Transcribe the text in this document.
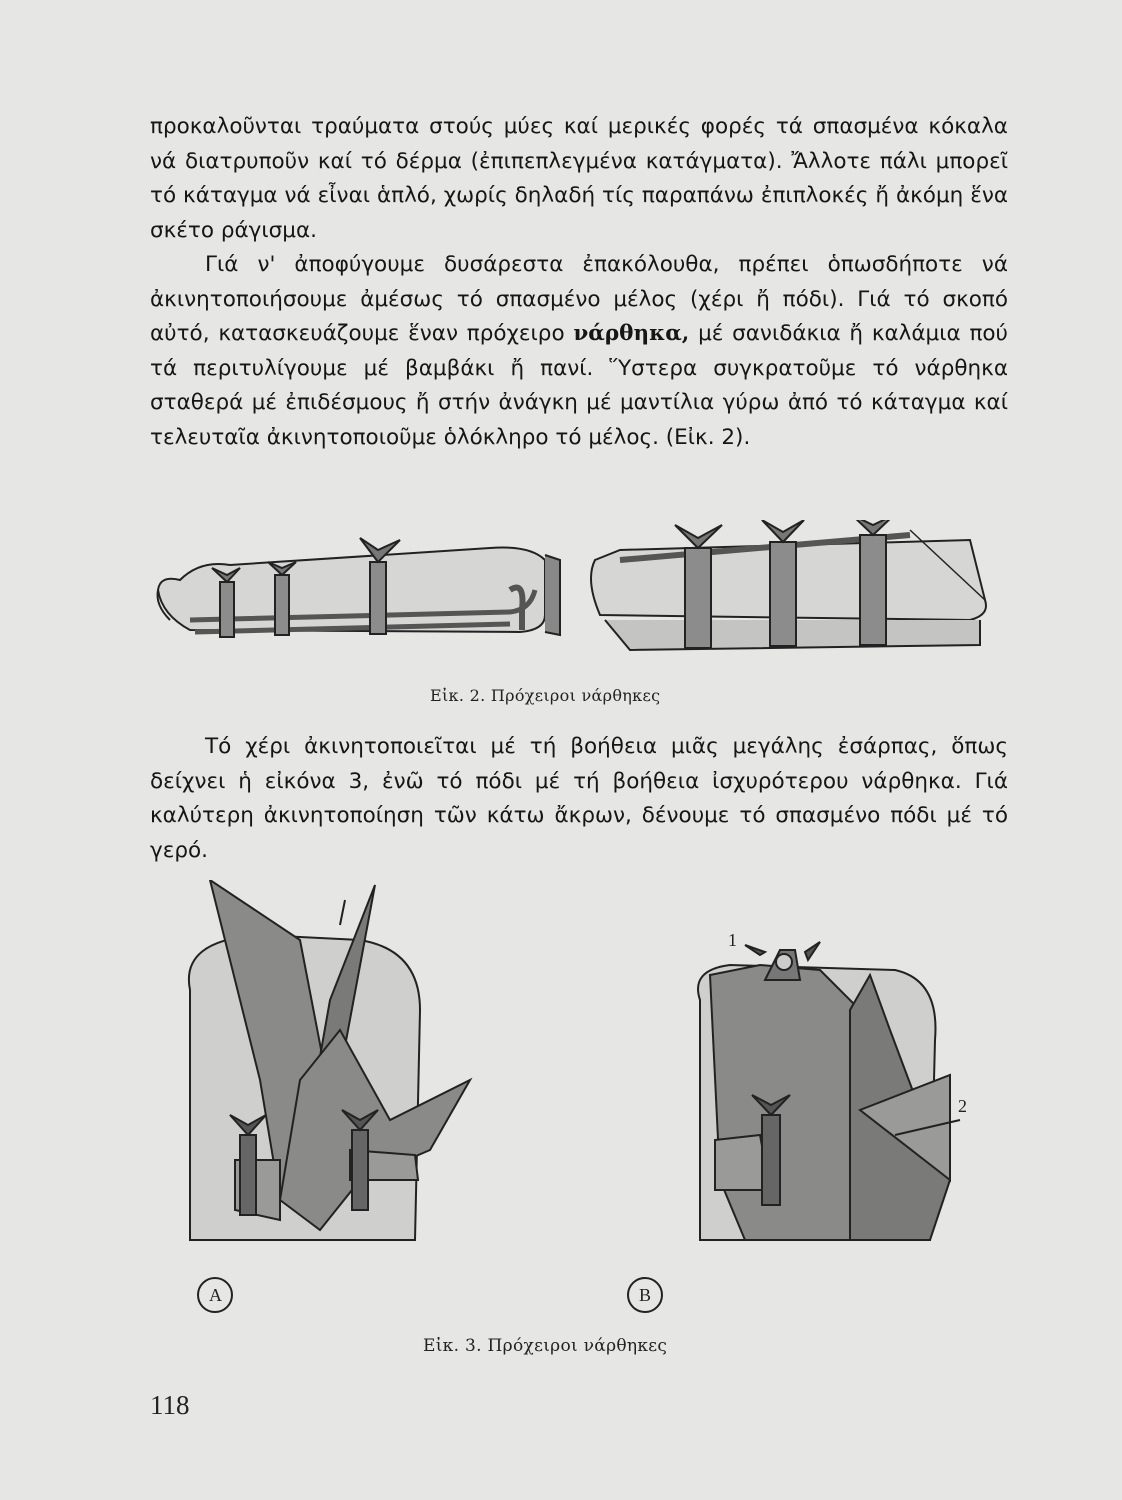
προκαλοῦνται τραύματα στούς μύες καί μερικές φορές τά σπασμένα κόκαλα νά διατρυποῦν καί τό δέρμα (ἐπιπεπλεγμένα κατάγματα). Ἄλλοτε πάλι μπορεῖ τό κάταγμα νά εἶναι ἁπλό, χωρίς δηλαδή τίς παραπάνω ἐπιπλοκές ἤ ἀκόμη ἕνα σκέτο ράγισμα.

Γιά ν' ἀποφύγουμε δυσάρεστα ἐπακόλουθα, πρέπει ὁπωσδήποτε νά ἀκινητοποιήσουμε ἀμέσως τό σπασμένο μέλος (χέρι ἤ πόδι). Γιά τό σκοπό αὐτό, κατασκευάζουμε ἕναν πρόχειρο νάρθηκα, μέ σανιδάκια ἤ καλάμια πού τά περιτυλίγουμε μέ βαμβάκι ἤ πανί. Ὕστερα συγκρατοῦμε τό νάρθηκα σταθερά μέ ἐπιδέσμους ἤ στήν ἀνάγκη μέ μαντίλια γύρω ἀπό τό κάταγμα καί τελευταῖα ἀκινητοποιοῦμε ὁλόκληρο τό μέλος. (Εἰκ. 2).

Εἰκ. 2. Πρόχειροι νάρθηκες

Τό χέρι ἀκινητοποιεῖται μέ τή βοήθεια μιᾶς μεγάλης ἐσάρπας, ὅπως δείχνει ἡ εἰκόνα 3, ἐνῶ τό πόδι μέ τή βοήθεια ἰσχυρότερου νάρθηκα. Γιά καλύτερη ἀκινητοποίηση τῶν κάτω ἄκρων, δένουμε τό σπασμένο πόδι μέ τό γερό.

A	B
1
2
Εἰκ. 3. Πρόχειροι νάρθηκες
118
